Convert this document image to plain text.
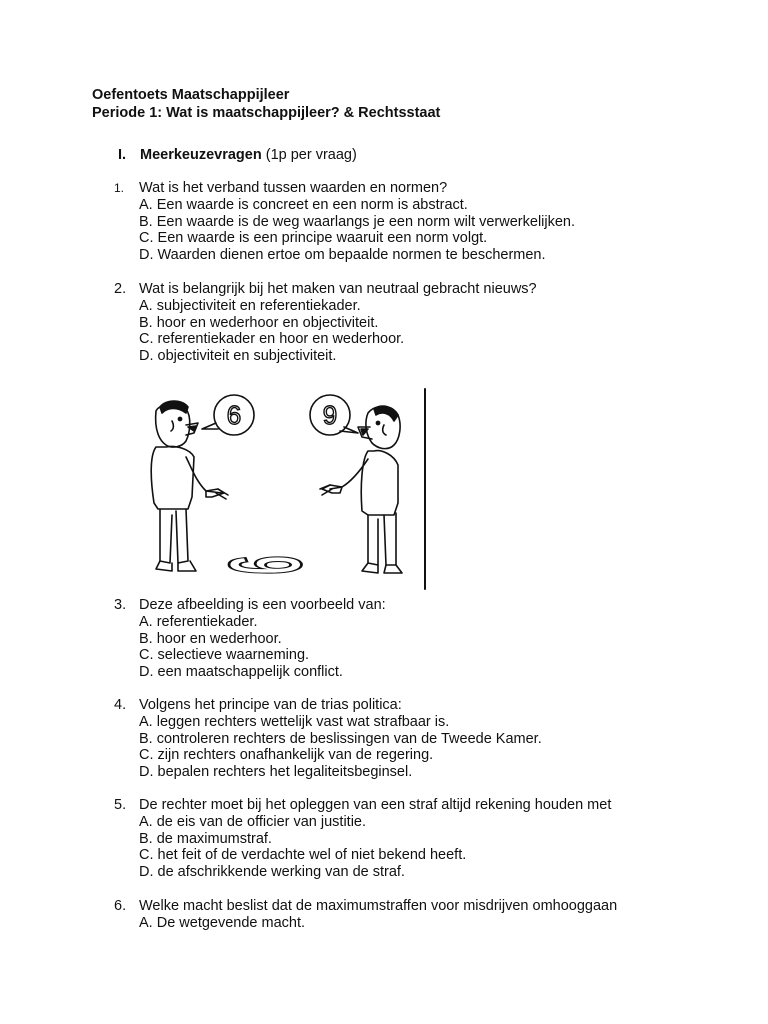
Oefentoets Maatschappijleer
Periode 1: Wat is maatschappijleer? & Rechtsstaat
I. Meerkeuzevragen (1p per vraag)
1. Wat is het verband tussen waarden en normen?
A. Een waarde is concreet en een norm is abstract.
B. Een waarde is de weg waarlangs je een norm wilt verwerkelijken.
C. Een waarde is een principe waaruit een norm volgt.
D. Waarden dienen ertoe om bepaalde normen te beschermen.
2. Wat is belangrijk bij het maken van neutraal gebracht nieuws?
A. subjectiviteit en referentiekader.
B. hoor en wederhoor en objectiviteit.
C. referentiekader en hoor en wederhoor.
D. objectiviteit en subjectiviteit.
6	9
6
3. Deze afbeelding is een voorbeeld van:
A. referentiekader.
B. hoor en wederhoor.
C. selectieve waarneming.
D. een maatschappelijk conflict.
4. Volgens het principe van de trias politica:
A. leggen rechters wettelijk vast wat strafbaar is.
B. controleren rechters de beslissingen van de Tweede Kamer.
C. zijn rechters onafhankelijk van de regering.
D. bepalen rechters het legaliteitsbeginsel.
5. De rechter moet bij het opleggen van een straf altijd rekening houden met
A. de eis van de officier van justitie.
B. de maximumstraf.
C. het feit of de verdachte wel of niet bekend heeft.
D. de afschrikkende werking van de straf.
6. Welke macht beslist dat de maximumstraffen voor misdrijven omhooggaan
A. De wetgevende macht.
